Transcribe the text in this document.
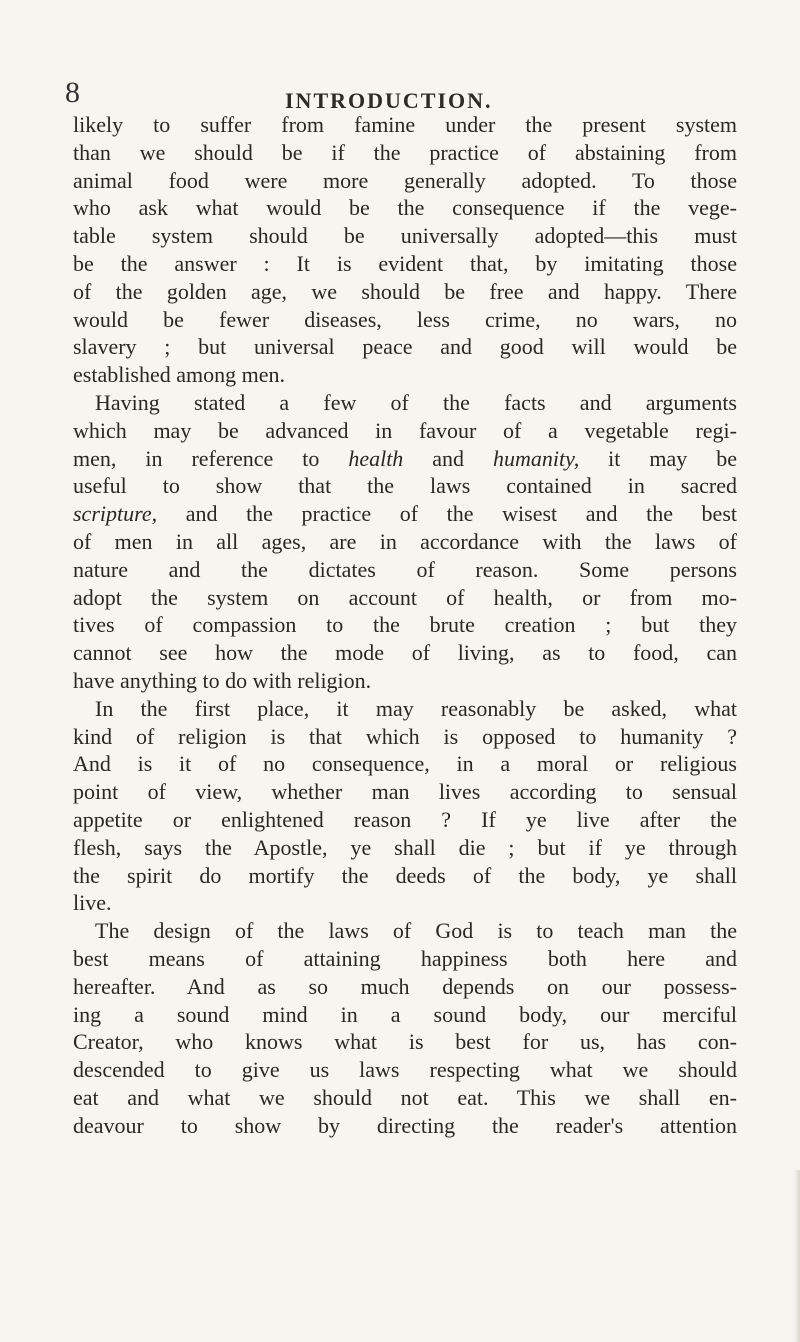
8	INTRODUCTION.
likely to suffer from famine under the present system
than we should be if the practice of abstaining from
animal food were more generally adopted. To those
who ask what would be the consequence if the vege-
table system should be universally adopted—this must
be the answer : It is evident that, by imitating those
of the golden age, we should be free and happy. There
would be fewer diseases, less crime, no wars, no
slavery ; but universal peace and good will would be
established among men.
Having stated a few of the facts and arguments
which may be advanced in favour of a vegetable regi-
men, in reference to health and humanity, it may be
useful to show that the laws contained in sacred
scripture, and the practice of the wisest and the best
of men in all ages, are in accordance with the laws of
nature and the dictates of reason. Some persons
adopt the system on account of health, or from mo-
tives of compassion to the brute creation ; but they
cannot see how the mode of living, as to food, can
have anything to do with religion.
In the first place, it may reasonably be asked, what
kind of religion is that which is opposed to humanity ?
And is it of no consequence, in a moral or religious
point of view, whether man lives according to sensual
appetite or enlightened reason ? If ye live after the
flesh, says the Apostle, ye shall die ; but if ye through
the spirit do mortify the deeds of the body, ye shall
live.
The design of the laws of God is to teach man the
best means of attaining happiness both here and
hereafter. And as so much depends on our possess-
ing a sound mind in a sound body, our merciful
Creator, who knows what is best for us, has con-
descended to give us laws respecting what we should
eat and what we should not eat. This we shall en-
deavour to show by directing the reader's attention
